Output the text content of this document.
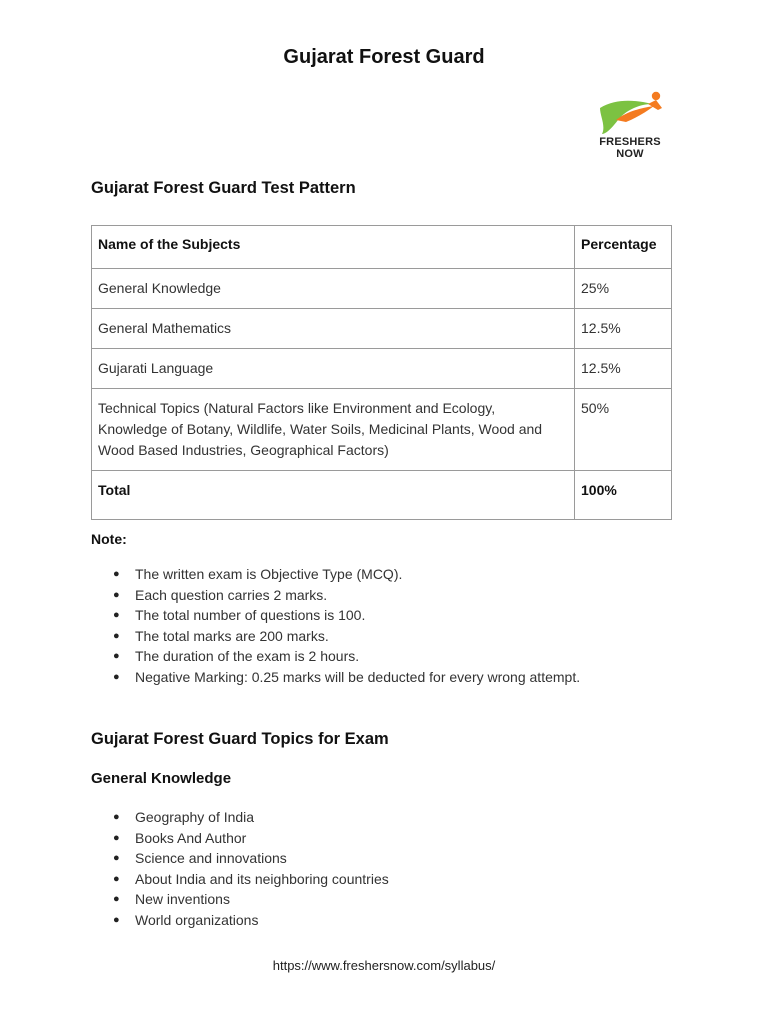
Gujarat Forest Guard
FRESHERS NOW
Gujarat Forest Guard Test Pattern
Name of the Subjects	Percentage
General Knowledge	25%
General Mathematics	12.5%
Gujarati Language	12.5%
Technical Topics (Natural Factors like Environment and Ecology, Knowledge of Botany, Wildlife, Water Soils, Medicinal Plants, Wood and Wood Based Industries, Geographical Factors)	50%
Total	100%
Note:
● The written exam is Objective Type (MCQ).
● Each question carries 2 marks.
● The total number of questions is 100.
● The total marks are 200 marks.
● The duration of the exam is 2 hours.
● Negative Marking: 0.25 marks will be deducted for every wrong attempt.
Gujarat Forest Guard Topics for Exam
General Knowledge
● Geography of India
● Books And Author
● Science and innovations
● About India and its neighboring countries
● New inventions
● World organizations
https://www.freshersnow.com/syllabus/
